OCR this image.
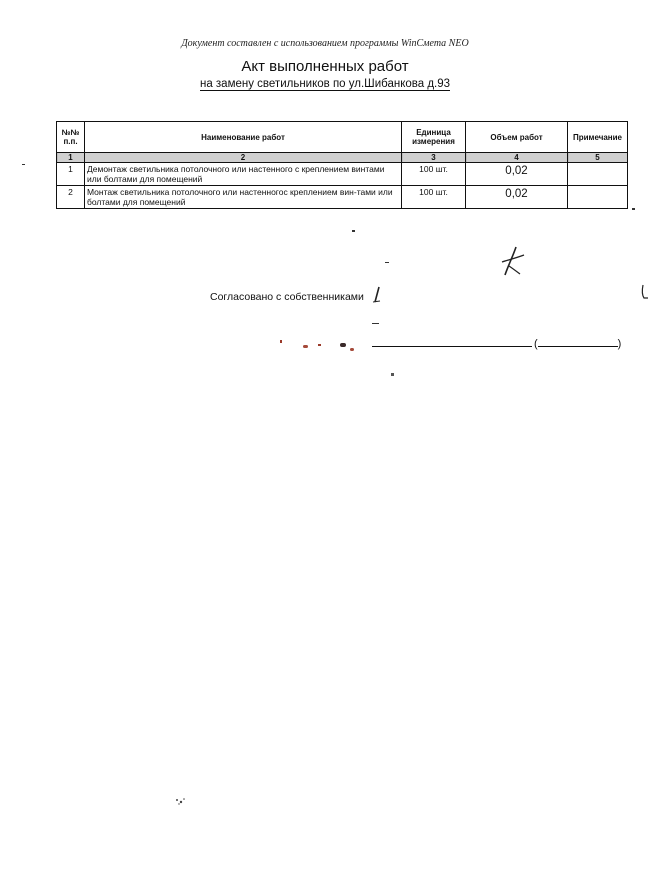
Документ составлен с использованием программы WinСмета NEO
Акт выполненных работ
на замену светильников по ул.Шибанкова д.93
№№ п.п.	Наименование работ	Единица измерения	Объем работ	Примечание
1	2	3	4	5
1	Демонтаж светильника потолочного или настенного с креплением винтами или болтами для помещений	100 шт.	0,02	
2	Монтаж светильника потолочного или настенногос креплением вин-тами или болтами для помещений	100 шт.	0,02	
Согласовано с собственниками
(	)
